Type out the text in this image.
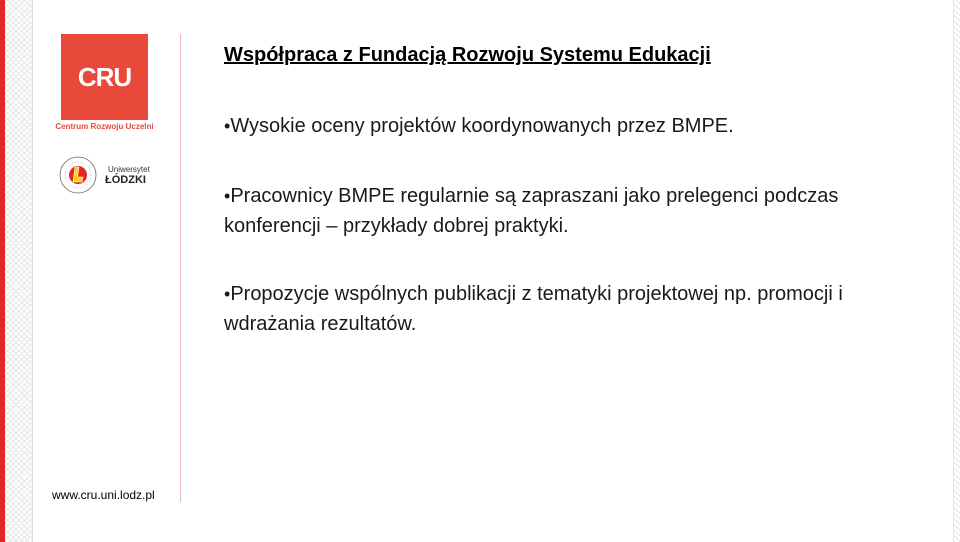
CRU
Centrum Rozwoju Uczelni
Uniwersytet
ŁÓDZKI
Współpraca z Fundacją Rozwoju Systemu Edukacji
•Wysokie oceny projektów koordynowanych przez BMPE.
•Pracownicy BMPE regularnie są zapraszani jako prelegenci podczas konferencji – przykłady dobrej praktyki.
•Propozycje wspólnych publikacji z tematyki projektowej np. promocji i wdrażania rezultatów.
www.cru.uni.lodz.pl
